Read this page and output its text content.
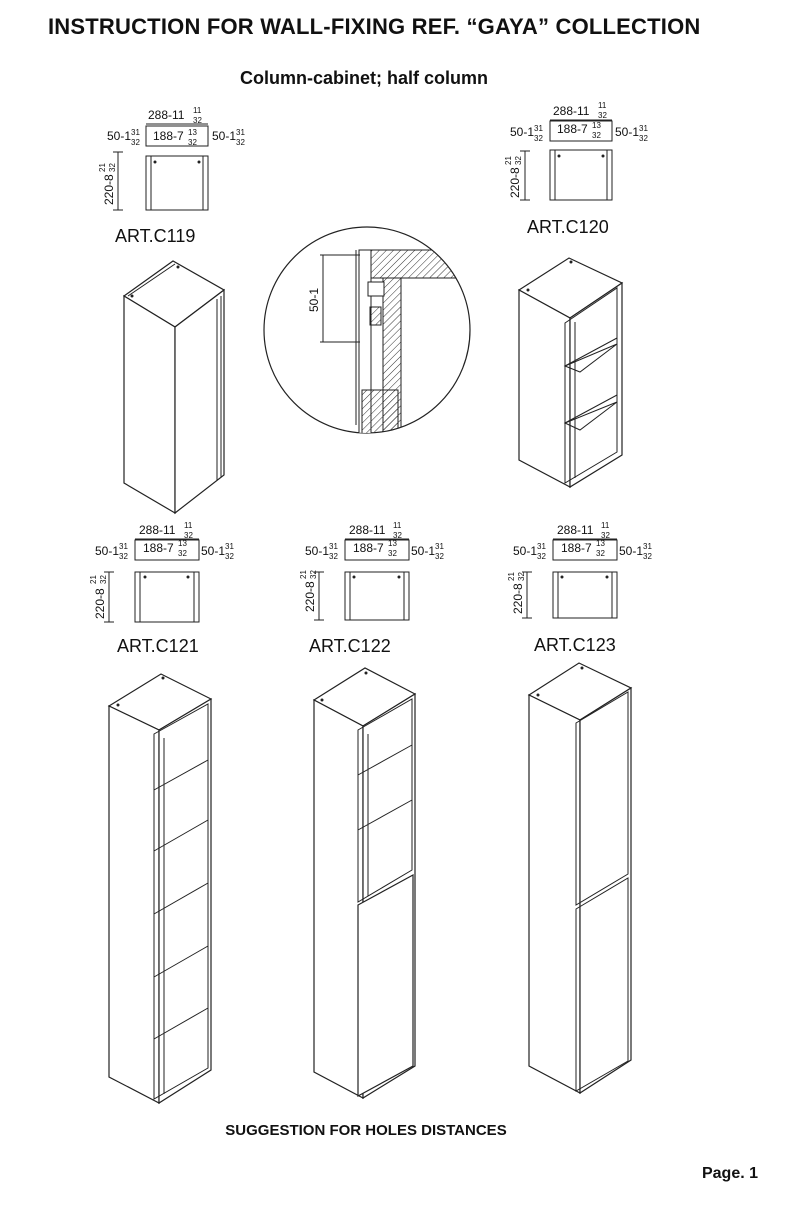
INSTRUCTION FOR WALL-FIXING REF. “GAYA” COLLECTION
Column-cabinet; half column
288-11 11
32
50-1 31
32 188-7 13
32 50-1 31
32
220-8
21 32
ART.C119
288-11 11
32
50-1 31
32
188-7 13
32 50-1 31
32
220-8
21 32
ART.C120
288-11 11
32
50-1 31
32
188-7 13
32 50-1 31
32
220-8
21 32
ART.C121
288-11 11
32
50-1 31
32
188-7 13
32 50-1 31
32
220-8
21 32
ART.C122
288-11 11
32
50-1 31
32
188-7 13
32 50-1 31
32
220-8
21 32
ART.C123
50-1
SUGGESTION FOR HOLES DISTANCES
Page. 1
